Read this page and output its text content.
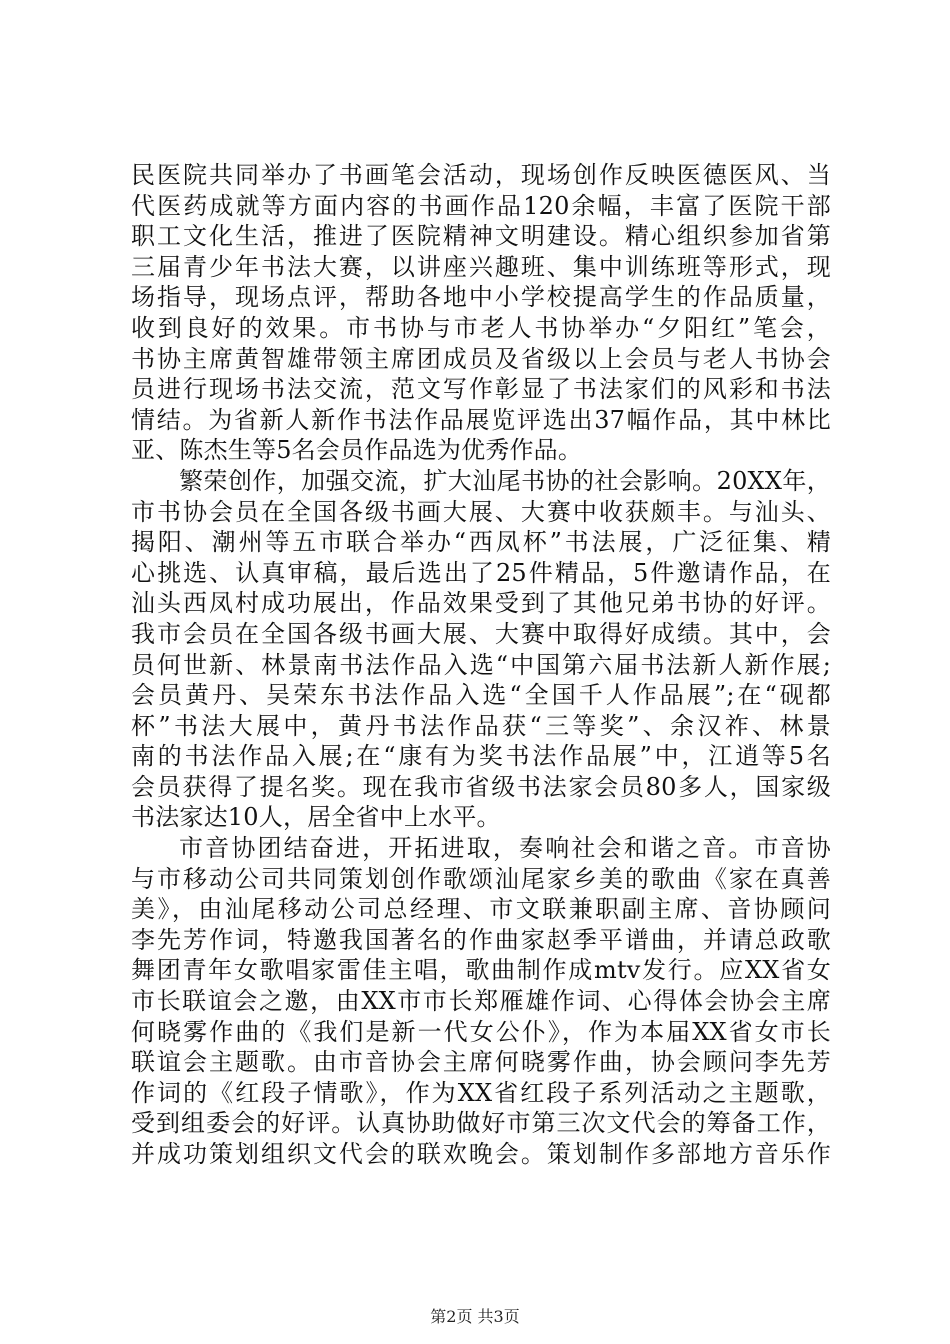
民医院共同举办了书画笔会活动，现场创作反映医德医风、当
代医药成就等方面内容的书画作品120余幅，丰富了医院干部
职工文化生活，推进了医院精神文明建设。精心组织参加省第
三届青少年书法大赛，以讲座兴趣班、集中训练班等形式，现
场指导，现场点评，帮助各地中小学校提高学生的作品质量，
收到良好的效果。市书协与市老人书协举办“夕阳红”笔会，
书协主席黄智雄带领主席团成员及省级以上会员与老人书协会
员进行现场书法交流，范文写作彰显了书法家们的风彩和书法
情结。为省新人新作书法作品展览评选出37幅作品，其中林比
亚、陈杰生等5名会员作品选为优秀作品。
繁荣创作，加强交流，扩大汕尾书协的社会影响。20XX年，
市书协会员在全国各级书画大展、大赛中收获颇丰。与汕头、
揭阳、潮州等五市联合举办“西凤杯”书法展，广泛征集、精
心挑选、认真审稿，最后选出了25件精品，5件邀请作品，在
汕头西凤村成功展出，作品效果受到了其他兄弟书协的好评。
我市会员在全国各级书画大展、大赛中取得好成绩。其中，会
员何世新、林景南书法作品入选“中国第六届书法新人新作展;
会员黄丹、吴荣东书法作品入选“全国千人作品展”;在“砚都
杯”书法大展中，黄丹书法作品获“三等奖”、余汉祚、林景
南的书法作品入展;在“康有为奖书法作品展”中，江逍等5名
会员获得了提名奖。现在我市省级书法家会员80多人，国家级
书法家达10人，居全省中上水平。
市音协团结奋进，开拓进取，奏响社会和谐之音。市音协
与市移动公司共同策划创作歌颂汕尾家乡美的歌曲《家在真善
美》，由汕尾移动公司总经理、市文联兼职副主席、音协顾问
李先芳作词，特邀我国著名的作曲家赵季平谱曲，并请总政歌
舞团青年女歌唱家雷佳主唱，歌曲制作成mtv发行。应XX省女
市长联谊会之邀，由XX市市长郑雁雄作词、心得体会协会主席
何晓雾作曲的《我们是新一代女公仆》，作为本届XX省女市长
联谊会主题歌。由市音协会主席何晓雾作曲，协会顾问李先芳
作词的《红段子情歌》，作为XX省红段子系列活动之主题歌，
受到组委会的好评。认真协助做好市第三次文代会的筹备工作，
并成功策划组织文代会的联欢晚会。策划制作多部地方音乐作
第2页 共3页
